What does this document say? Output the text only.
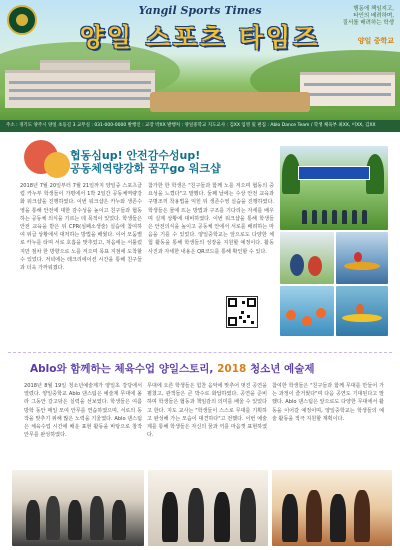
Yangil Sports Times
양일 스포츠 타임즈
행동에 책임지고,
타인의 배려하며,
질서를 배려하는 학생
양일 중학교
주소 : 경기도 양주시 양일 초등길 3 교무실 : 031-000-0000 발행인 : 교장 박XX 발행처 : 양일중학교 지도교사 : 김XX 입영 및 편집 : Ablo Dance Team / 학생 체육부 최XX, 이XX, 김XX
협동심up! 안전감수성up!
공동체역량강화 꿈꾸go 워크샵
2018년 7월 20일부터 7월 21일까지 양일중 스포츠클럽 카누부 학생들이 가평에서 1박 2일간 공동체역량강화 워크샵을 진행하였다. 이번 워크샵은 카누와 생존수영을 통해 안전에 대한 감수성을 높이고 친구들과 협동하는 공동체 의식을 기르는 데 목적이 있었다. 학생들은 안전 교육을 받은 뒤 CPR(심폐소생술) 실습에 참여하여 위급 상황에서 대처하는 방법을 배웠다. 이어 모둠별로 카누를 타며 서로 호흡을 맞추었고, 처음에는 서툴렀지만 점차 한 방향으로 노를 저으며 목표 지점에 도착할 수 있었다. 저녁에는 레크리에이션 시간을 통해 친구들과 더욱 가까워졌다.
참가한 한 학생은 "친구들과 함께 노를 저으며 협동의 중요성을 느꼈다"고 말했다. 둘째 날에는 수상 안전 교육과 구명조끼 착용법을 익힌 뒤 생존수영 실습을 진행하였다. 학생들은 물에 뜨는 방법과 구조를 기다리는 자세를 배우며 실제 상황에 대비하였다. 이번 워크샵을 통해 학생들은 안전의식을 높이고 공동체 안에서 서로를 배려하는 마음을 기를 수 있었다. 양일중학교는 앞으로도 다양한 체험 활동을 통해 학생들의 성장을 지원할 예정이다. 활동 사진과 자세한 내용은 QR코드를 통해 확인할 수 있다.
Ablo와 함께하는 체육수업 양일스토리, 2018 청소년 예술제
2018년 8월 19일 청소년예술제가 양일초 강당에서 열렸다. 양일중학교 Ablo 댄스팀은 예술제 무대에 올라 그동안 갈고닦은 실력을 선보였다. 학생들은 여름방학 동안 매일 모여 안무를 연습하였으며, 서로의 동작을 맞추기 위해 많은 노력을 기울였다. Ablo 댄스팀은 체육수업 시간에 배운 표현 활동을 바탕으로 창작 안무를 완성하였다.
무대에 오른 학생들은 힘찬 음악에 맞추어 멋진 공연을 펼쳤고, 관객들은 큰 박수로 화답하였다. 공연을 준비하며 학생들은 협동과 책임감의 의미를 배울 수 있었다고 한다. 지도 교사는 "학생들이 스스로 무대를 기획하고 완성해 가는 모습이 대견하다"고 전했다. 이번 예술제를 통해 학생들은 자신의 꿈과 끼를 마음껏 표현하였다.
참여한 학생들은 "친구들과 함께 무대를 만들어 가는 과정이 즐거웠다"며 다음 공연도 기대된다고 말했다. Ablo 댄스팀은 앞으로도 다양한 무대에서 활동을 이어갈 예정이며, 양일중학교는 학생들의 예술 활동을 적극 지원할 계획이다.
